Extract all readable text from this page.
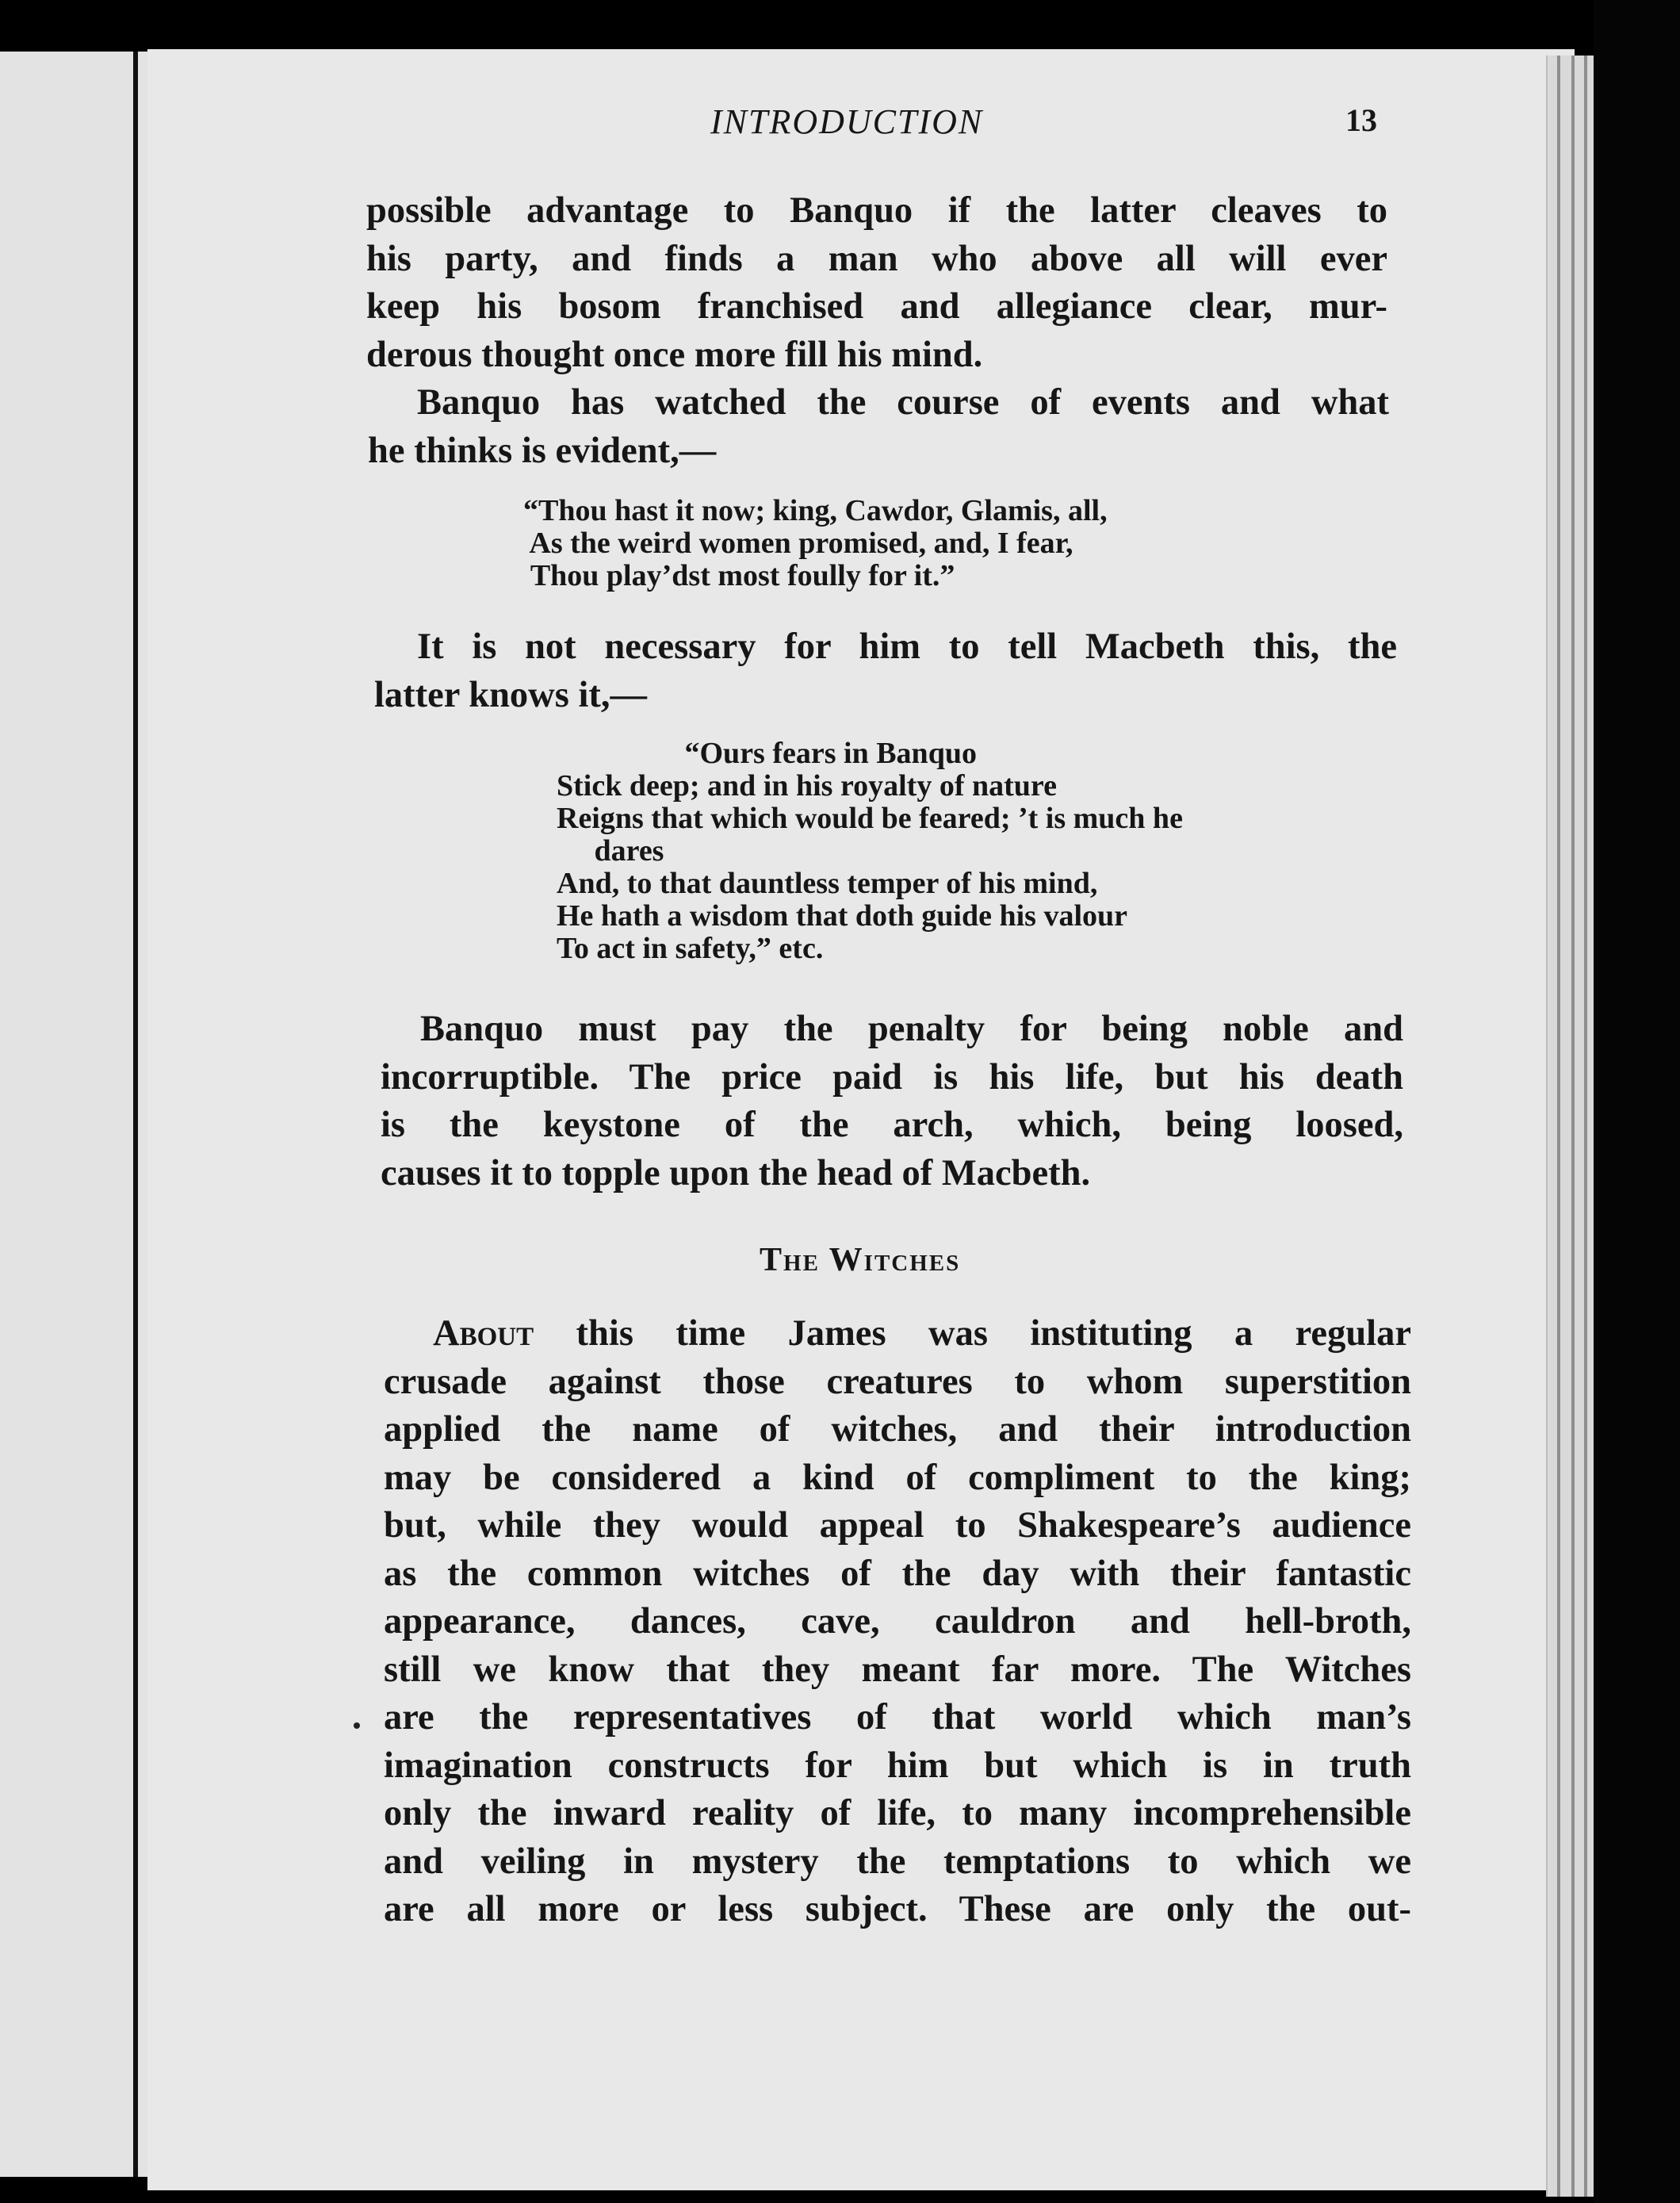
INTRODUCTION	13
possible advantage to Banquo if the latter cleaves to
his party, and finds a man who above all will ever
keep his bosom franchised and allegiance clear, mur-
derous thought once more fill his mind.
Banquo has watched the course of events and what
he thinks is evident,—
“Thou hast it now; king, Cawdor, Glamis, all,
As the weird women promised, and, I fear,
Thou play’dst most foully for it.”
It is not necessary for him to tell Macbeth this, the
latter knows it,—
“Ours fears in Banquo
Stick deep; and in his royalty of nature
Reigns that which would be feared; ’t is much he
dares
And, to that dauntless temper of his mind,
He hath a wisdom that doth guide his valour
To act in safety,” etc.
Banquo must pay the penalty for being noble and
incorruptible. The price paid is his life, but his death
is the keystone of the arch, which, being loosed,
causes it to topple upon the head of Macbeth.
The Witches
About this time James was instituting a regular
crusade against those creatures to whom superstition
applied the name of witches, and their introduction
may be considered a kind of compliment to the king;
but, while they would appeal to Shakespeare’s audience
as the common witches of the day with their fantastic
appearance, dances, cave, cauldron and hell-broth,
still we know that they meant far more. The Witches
are the representatives of that world which man’s
imagination constructs for him but which is in truth
only the inward reality of life, to many incomprehensible
and veiling in mystery the temptations to which we
are all more or less subject. These are only the out-
